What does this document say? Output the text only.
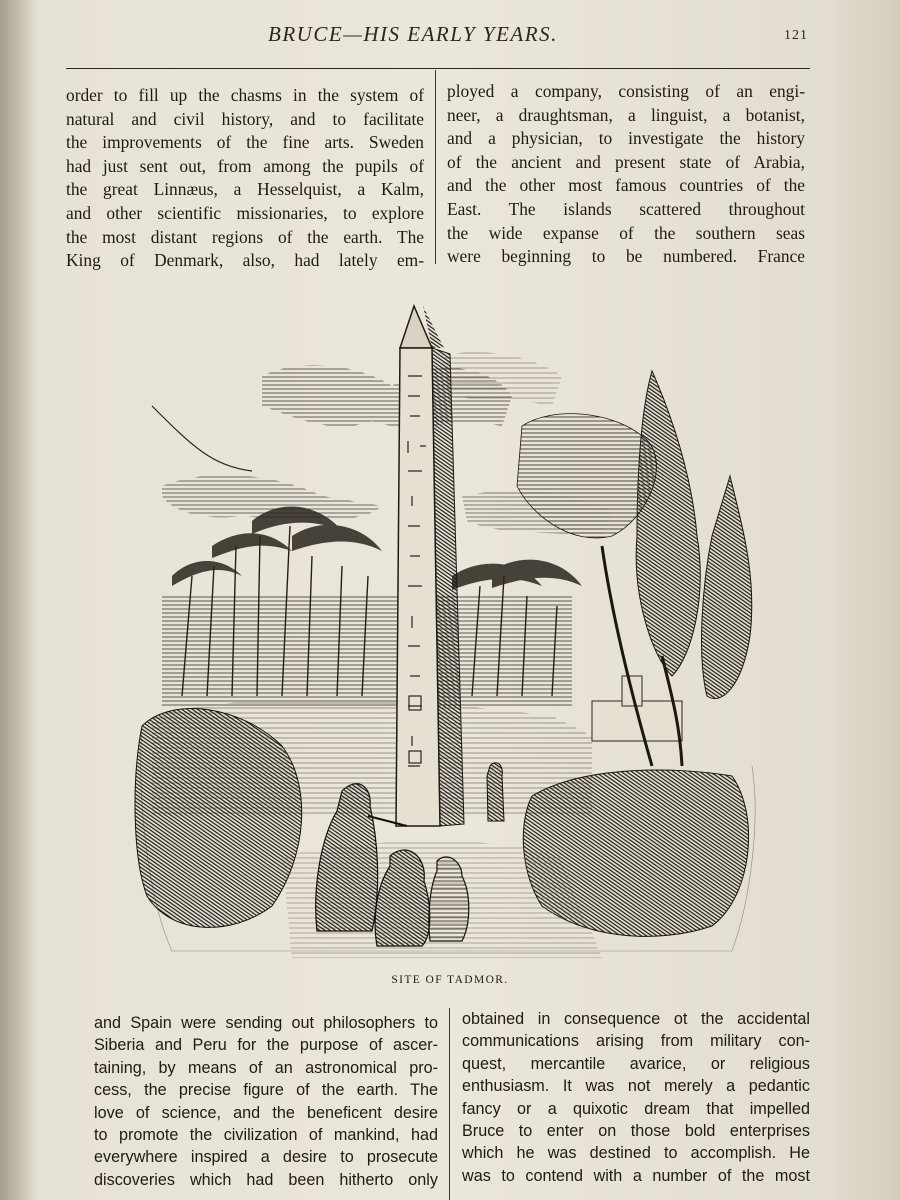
BRUCE—HIS EARLY YEARS.	121
order to fill up the chasms in the system of
natural and civil history, and to facilitate
the improvements of the fine arts. Sweden
had just sent out, from among the pupils of
the great Linnæus, a Hesselquist, a Kalm,
and other scientific missionaries, to explore
the most distant regions of the earth. The
King of Denmark, also, had lately em-
ployed a company, consisting of an engi-
neer, a draughtsman, a linguist, a botanist,
and a physician, to investigate the history
of the ancient and present state of Arabia,
and the other most famous countries of the
East. The islands scattered throughout
the wide expanse of the southern seas
were beginning to be numbered. France
SITE OF TADMOR.
and Spain were sending out philosophers to
Siberia and Peru for the purpose of ascer-
taining, by means of an astronomical pro-
cess, the precise figure of the earth. The
love of science, and the beneficent desire
to promote the civilization of mankind, had
everywhere inspired a desire to prosecute
discoveries which had been hitherto only
obtained in consequence ot the accidental
communications arising from military con-
quest, mercantile avarice, or religious
enthusiasm. It was not merely a pedantic
fancy or a quixotic dream that impelled
Bruce to enter on those bold enterprises
which he was destined to accomplish. He
was to contend with a number of the most
